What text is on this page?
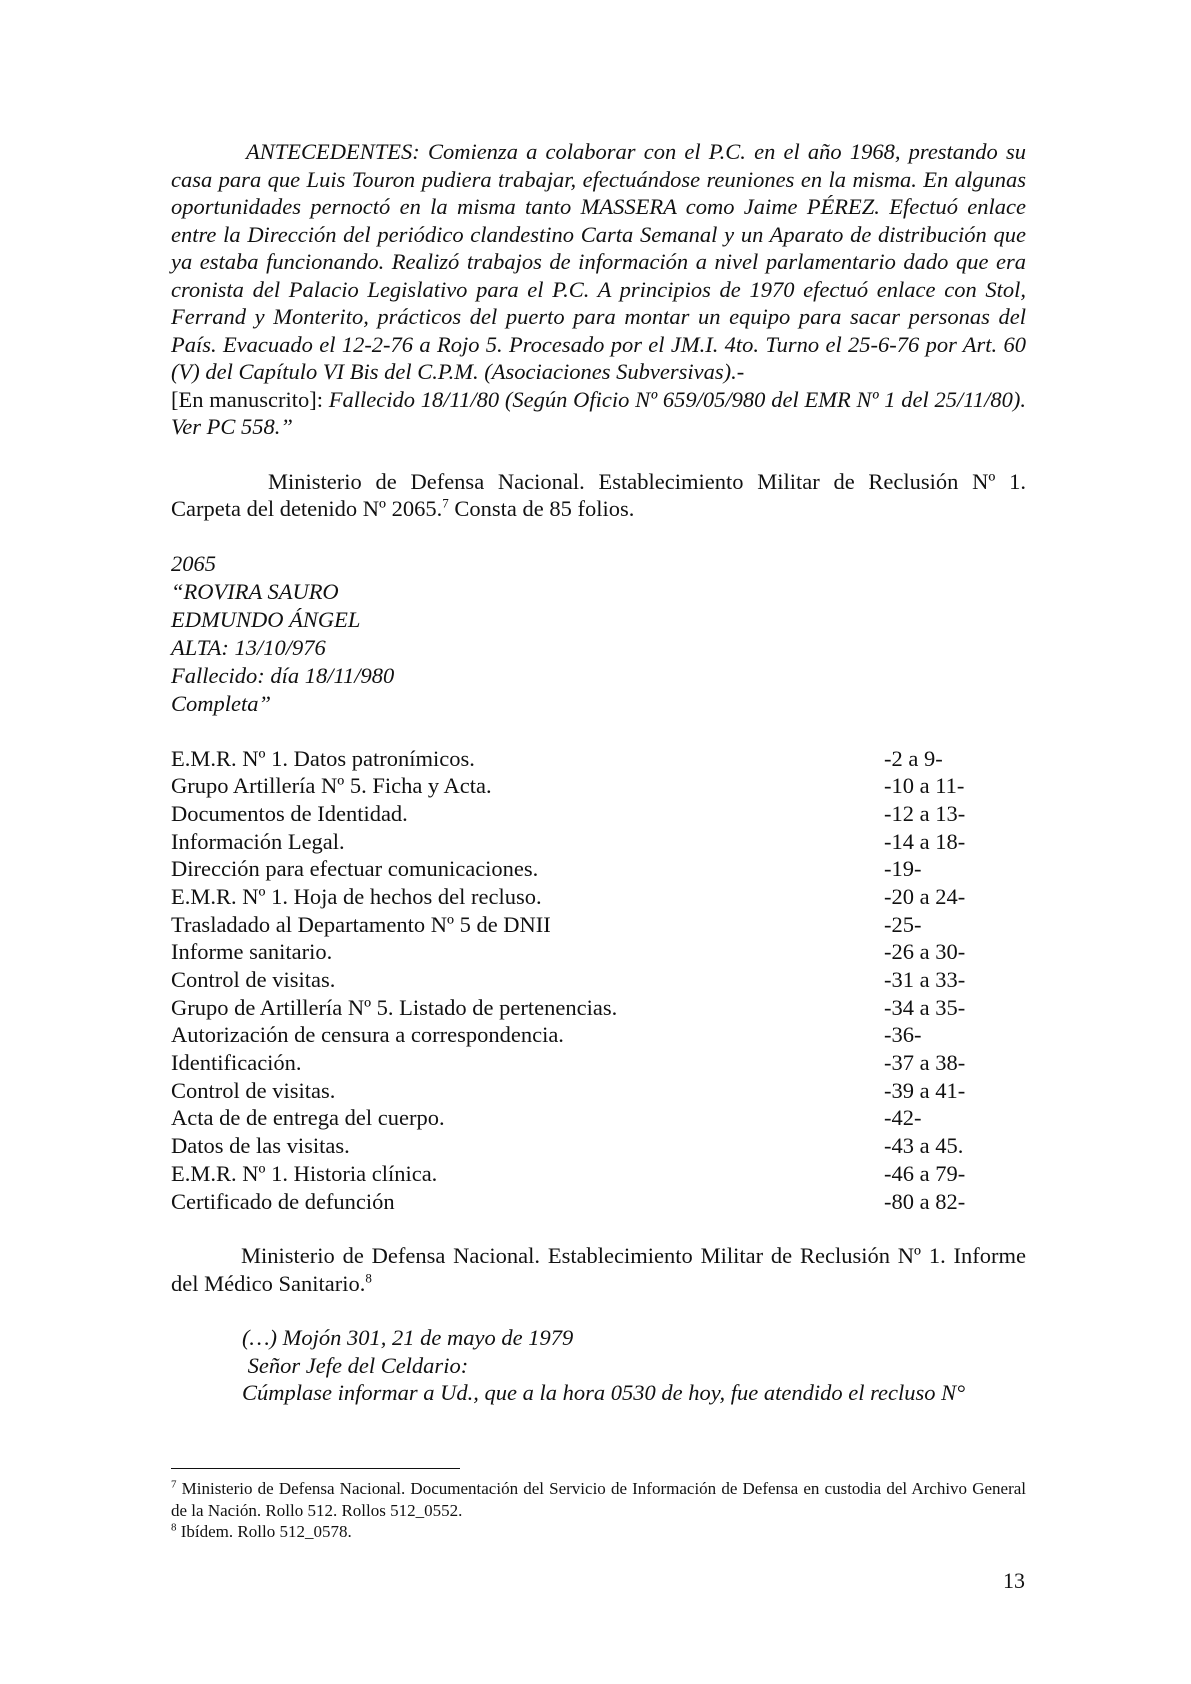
ANTECEDENTES: Comienza a colaborar con el P.C. en el año 1968, prestando su casa para que Luis Touron pudiera trabajar, efectuándose reuniones en la misma. En algunas oportunidades pernoctó en la misma tanto MASSERA como Jaime PÉREZ. Efectuó enlace entre la Dirección del periódico clandestino Carta Semanal y un Aparato de distribución que ya estaba funcionando. Realizó trabajos de información a nivel parlamentario dado que era cronista del Palacio Legislativo para el P.C. A principios de 1970 efectuó enlace con Stol, Ferrand y Monterito, prácticos del puerto para montar un equipo para sacar personas del País. Evacuado el 12-2-76 a Rojo 5. Procesado por el JM.I. 4to. Turno el 25-6-76 por Art. 60 (V) del Capítulo VI Bis del C.P.M. (Asociaciones Subversivas).-
[En manuscrito]: Fallecido 18/11/80 (Según Oficio Nº 659/05/980 del EMR Nº 1 del 25/11/80). Ver PC 558.”

Ministerio de Defensa Nacional. Establecimiento Militar de Reclusión Nº 1. Carpeta del detenido Nº 2065.$^7$ Consta de 85 folios.

2065
“ROVIRA SAURO
EDMUNDO ÁNGEL
ALTA: 13/10/976
Fallecido: día 18/11/980
Completa”
E.M.R. Nº 1. Datos patronímicos.	-2 a 9-
Grupo Artillería Nº 5. Ficha y Acta.	-10 a 11-
Documentos de Identidad.	-12 a 13-
Información Legal.	-14 a 18-
Dirección para efectuar comunicaciones.	-19-
E.M.R. Nº 1. Hoja de hechos del recluso.	-20 a 24-
Trasladado al Departamento Nº 5 de DNII	-25-
Informe sanitario.	-26 a 30-
Control de visitas.	-31 a 33-
Grupo de Artillería Nº 5. Listado de pertenencias.	-34 a 35-
Autorización de censura a correspondencia.	-36-
Identificación.	-37 a 38-
Control de visitas.	-39 a 41-
Acta de de entrega del cuerpo.	-42-
Datos de las visitas.	-43 a 45.
E.M.R. Nº 1. Historia clínica.	-46 a 79-
Certificado de defunción	-80 a 82-

Ministerio de Defensa Nacional. Establecimiento Militar de Reclusión Nº 1. Informe del Médico Sanitario.$^8$

(…) Mojón 301, 21 de mayo de 1979
Señor Jefe del Celdario:
Cúmplase informar a Ud., que a la hora 0530 de hoy, fue atendido el recluso N°
$^7$ Ministerio de Defensa Nacional. Documentación del Servicio de Información de Defensa en custodia del Archivo General de la Nación. Rollo 512. Rollos 512_0552.
$^8$ Ibídem. Rollo 512_0578.
13
